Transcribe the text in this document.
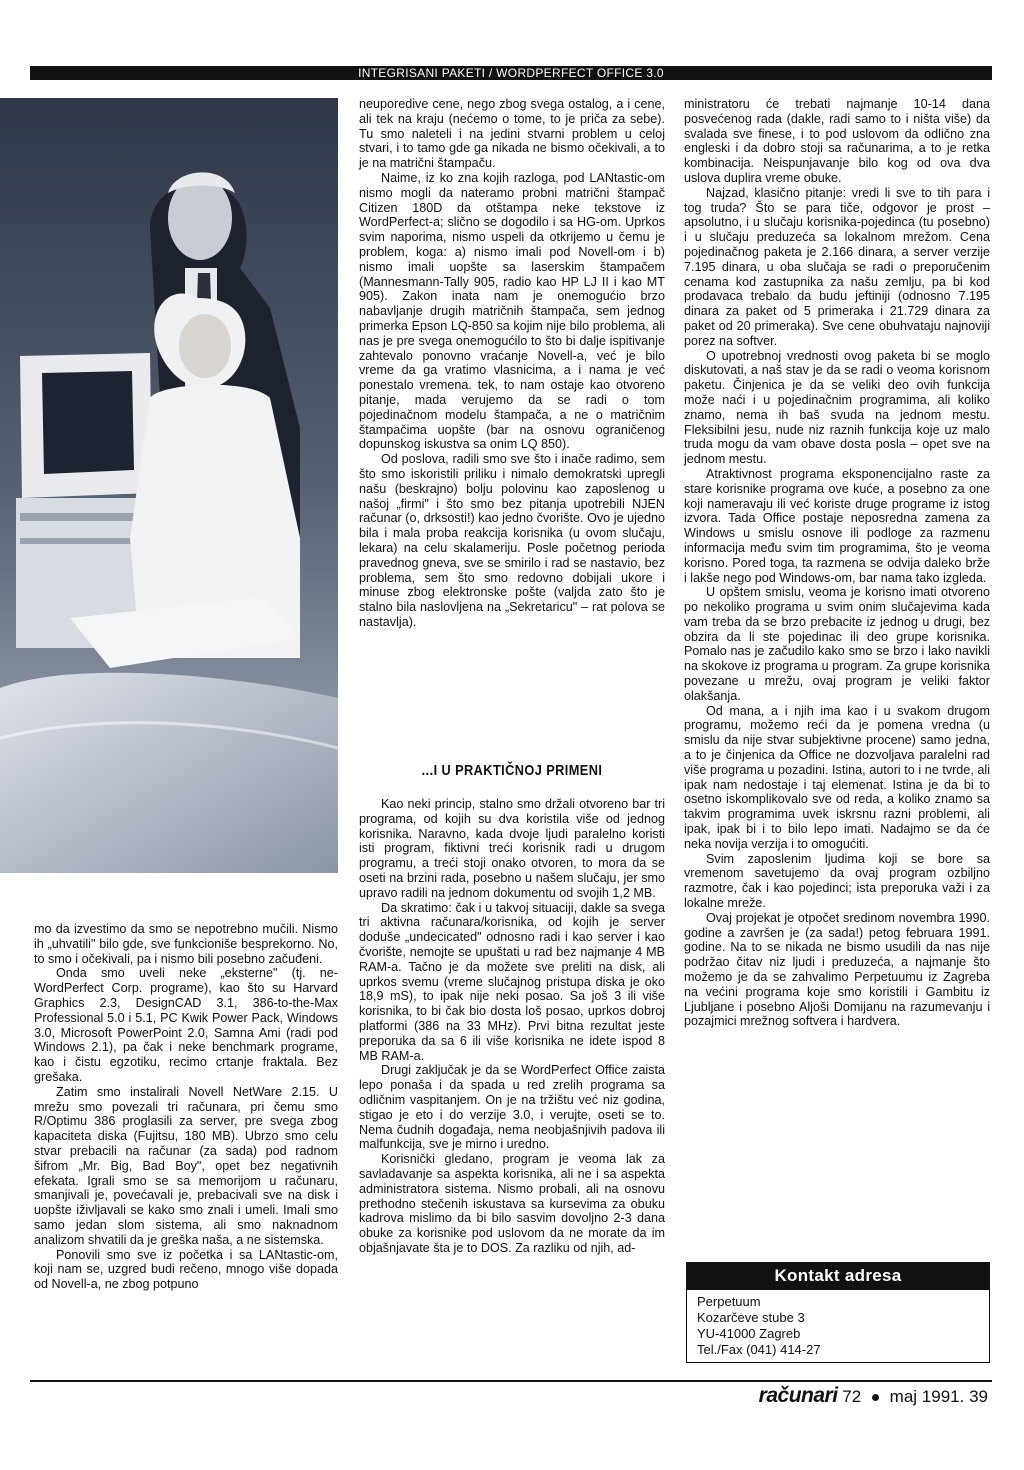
INTEGRISANI PAKETI / WORDPERFECT OFFICE 3.0

mo da izvestimo da smo se nepotrebno mučili. Nismo ih „uhvatili" bilo gde, sve funkcioniše besprekorno. No, to smo i očekivali, pa i nismo bili posebno začuđeni.

Onda smo uveli neke „eksterne" (tj. ne-WordPerfect Corp. programe), kao što su Harvard Graphics 2.3, DesignCAD 3.1, 386-to-the-Max Professional 5.0 i 5.1, PC Kwik Power Pack, Windows 3.0, Microsoft PowerPoint 2.0, Samna Ami (radi pod Windows 2.1), pa čak i neke benchmark programe, kao i čistu egzotiku, recimo crtanje fraktala. Bez grešaka.

Zatim smo instalirali Novell NetWare 2.15. U mrežu smo povezali tri računara, pri čemu smo R/Optimu 386 proglasili za server, pre svega zbog kapaciteta diska (Fujitsu, 180 MB). Ubrzo smo celu stvar prebacili na računar (za sada) pod radnom šifrom „Mr. Big, Bad Boy", opet bez negativnih efekata. Igrali smo se sa memorijom u računaru, smanjivali je, povećavali je, prebacivali sve na disk i uopšte iživljavali se kako smo znali i umeli. Imali smo samo jedan slom sistema, ali smo naknadnom analizom shvatili da je greška naša, a ne sistemska.

Ponovili smo sve iz početka i sa LANtastic-om, koji nam se, uzgred budi rečeno, mnogo više dopada od Novell-a, ne zbog potpuno

neuporedive cene, nego zbog svega ostalog, a i cene, ali tek na kraju (nećemo o tome, to je priča za sebe). Tu smo naleteli i na jedini stvarni problem u celoj stvari, i to tamo gde ga nikada ne bismo očekivali, a to je na matrični štampaču.

Naime, iz ko zna kojih razloga, pod LANtastic-om nismo mogli da nateramo probni matrični štampač Citizen 180D da otštampa neke tekstove iz WordPerfect-a; slično se dogodilo i sa HG-om. Uprkos svim naporima, nismo uspeli da otkrijemo u čemu je problem, koga: a) nismo imali pod Novell-om i b) nismo imali uopšte sa laserskim štampačem (Mannesmann-Tally 905, radio kao HP LJ II i kao MT 905). Zakon inata nam je onemogućio brzo nabavljanje drugih matričnih štampača, sem jednog primerka Epson LQ-850 sa kojim nije bilo problema, ali nas je pre svega onemogućilo to što bi dalje ispitivanje zahtevalo ponovno vraćanje Novell-a, već je bilo vreme da ga vratimo vlasnicima, a i nama je već ponestalo vremena. tek, to nam ostaje kao otvoreno pitanje, mada verujemo da se radi o tom pojedinačnom modelu štampača, a ne o matričnim štampačima uopšte (bar na osnovu ograničenog dopunskog iskustva sa onim LQ 850).

Od poslova, radili smo sve što i inače radimo, sem što smo iskoristili priliku i nimalo demokratski upregli našu (beskrajno) bolju polovinu kao zaposlenog u našoj „firmi" i što smo bez pitanja upotrebili NJEN računar (o, drksosti!) kao jedno čvorište. Ovo je ujedno bila i mala proba reakcija korisnika (u ovom slučaju, lekara) na celu skalameriju. Posle početnog perioda pravednog gneva, sve se smirilo i rad se nastavio, bez problema, sem što smo redovno dobijali ukore i minuse zbog elektronske pošte (valjda zato što je stalno bila naslovljena na „Sekretaricu" – rat polova se nastavlja).

...I U PRAKTIČNOJ PRIMENI

Kao neki princip, stalno smo držali otvoreno bar tri programa, od kojih su dva koristila više od jednog korisnika. Naravno, kada dvoje ljudi paralelno koristi isti program, fiktivni treći korisnik radi u drugom programu, a treći stoji onako otvoren, to mora da se oseti na brzini rada, posebno u našem slučaju, jer smo upravo radili na jednom dokumentu od svojih 1,2 MB.

Da skratimo: čak i u takvoj situaciji, dakle sa svega tri aktivna računara/korisnika, od kojih je server dodušе „undecicated" odnosno radi i kao server i kao čvorište, nemojte se upuštati u rad bez najmanje 4 MB RAM-a. Tačno je da možete sve preliti na disk, ali uprkos svemu (vreme slučajnog pristupa diska je oko 18,9 mS), to ipak nije neki posao. Sa još 3 ili više korisnika, to bi čak bio dosta loš posao, uprkos dobroj platformi (386 na 33 MHz). Prvi bitna rezultat jeste preporuka da sa 6 ili više korisnika ne idete ispod 8 MB RAM-a.

Drugi zaključak je da se WordPerfect Office zaista lepo ponaša i da spada u red zrelih programa sa odličnim vaspitanjem. On je na tržištu već niz godina, stigao je eto i do verzije 3.0, i verujte, oseti se to. Nema čudnih događaja, nema neobjašnjivih padova ili malfunkcija, sve je mirno i uredno.

Korisnički gledano, program je veoma lak za savladavanje sa aspekta korisnika, ali ne i sa aspekta administratora sistema. Nismo probali, ali na osnovu prethodno stečenih iskustava sa kursevima za obuku kadrova mislimo da bi bilo sasvim dovoljno 2-3 dana obuke za korisnike pod uslovom da ne morate da im objašnjavate šta je to DOS. Za razliku od njih, ad-

ministratoru će trebati najmanje 10-14 dana posvećenog rada (dakle, radi samo to i ništa više) da svalada sve finese, i to pod uslovom da odlično zna engleski i da dobro stoji sa računarima, a to je retka kombinacija. Neispunjavanje bilo kog od ova dva uslova duplira vreme obuke.

Najzad, klasično pitanje: vredi li sve to tih para i tog truda? Što se para tiče, odgovor je prost – apsolutno, i u slučaju korisnika-pojedinca (tu posebno) i u slučaju preduzeća sa lokalnom mrežom. Cena pojedinačnog paketa je 2.166 dinara, a server verzije 7.195 dinara, u oba slučaja se radi o preporučenim cenama kod zastupnika za našu zemlju, pa bi kod prodavaca trebalo da budu jeftiniji (odnosno 7.195 dinara za paket od 5 primeraka i 21.729 dinara za paket od 20 primeraka). Sve cene obuhvataju najnoviji porez na softver.

O upotrebnoj vrednosti ovog paketa bi se moglo diskutovati, a naš stav je da se radi o veoma korisnom paketu. Činjenica je da se veliki deo ovih funkcija može naći i u pojedinačnim programima, ali koliko znamo, nema ih baš svuda na jednom mestu. Fleksibilni jesu, nude niz raznih funkcija koje uz malo truda mogu da vam obave dosta posla – opet sve na jednom mestu.

Atraktivnost programa eksponencijalno raste za stare korisnike programa ove kuće, a posebno za one koji nameravaju ili već koriste druge programe iz istog izvora. Tada Office postaje neposredna zamena za Windows u smislu osnove ili podloge za razmenu informacija među svim tim programima, što je veoma korisno. Pored toga, ta razmena se odvija daleko brže i lakše nego pod Windows-om, bar nama tako izgleda.

U opštem smislu, veoma je korisno imati otvoreno po nekoliko programa u svim onim slučajevima kada vam treba da se brzo prebacite iz jednog u drugi, bez obzira da li ste pojedinac ili deo grupe korisnika. Pomalo nas je začudilo kako smo se brzo i lako navikli na skokove iz programa u program. Za grupe korisnika povezane u mrežu, ovaj program je veliki faktor olakšanja.

Od mana, a i njih ima kao i u svakom drugom programu, možemo reći da je pomena vredna (u smislu da nije stvar subjektivne procene) samo jedna, a to je činjenica da Office ne dozvoljava paralelni rad više programa u pozadini. Istina, autori to i ne tvrde, ali ipak nam nedostaje i taj elemenat. Istina je da bi to osetno iskomplikovalo sve od reda, a koliko znamo sa takvim programima uvek iskrsnu razni problemi, ali ipak, ipak bi i to bilo lepo imati. Nadajmo se da će neka novija verzija i to omogućiti.

Svim zaposlenim ljudima koji se bore sa vremenom savetujemo da ovaj program ozbiljno razmotre, čak i kao pojedinci; ista preporuka važi i za lokalne mreže.

Ovaj projekat je otpočet sredinom novembra 1990. godine a završen je (za sada!) petog februara 1991. godine. Na to se nikada ne bismo usudili da nas nije podržao čitav niz ljudi i preduzeća, a najmanje što možemo je da se zahvalimo Perpetuumu iz Zagreba na većini programa koje smo koristili i Gambitu iz Ljubljane i posebno Aljoši Domijanu na razumevanju i pozajmici mrežnog softvera i hardvera.

Kontakt adresa
Perpetuum
Kozarčeve stube 3
YU-41000 Zagreb
Tel./Fax (041) 414-27
računari 72 maj 1991. 39
